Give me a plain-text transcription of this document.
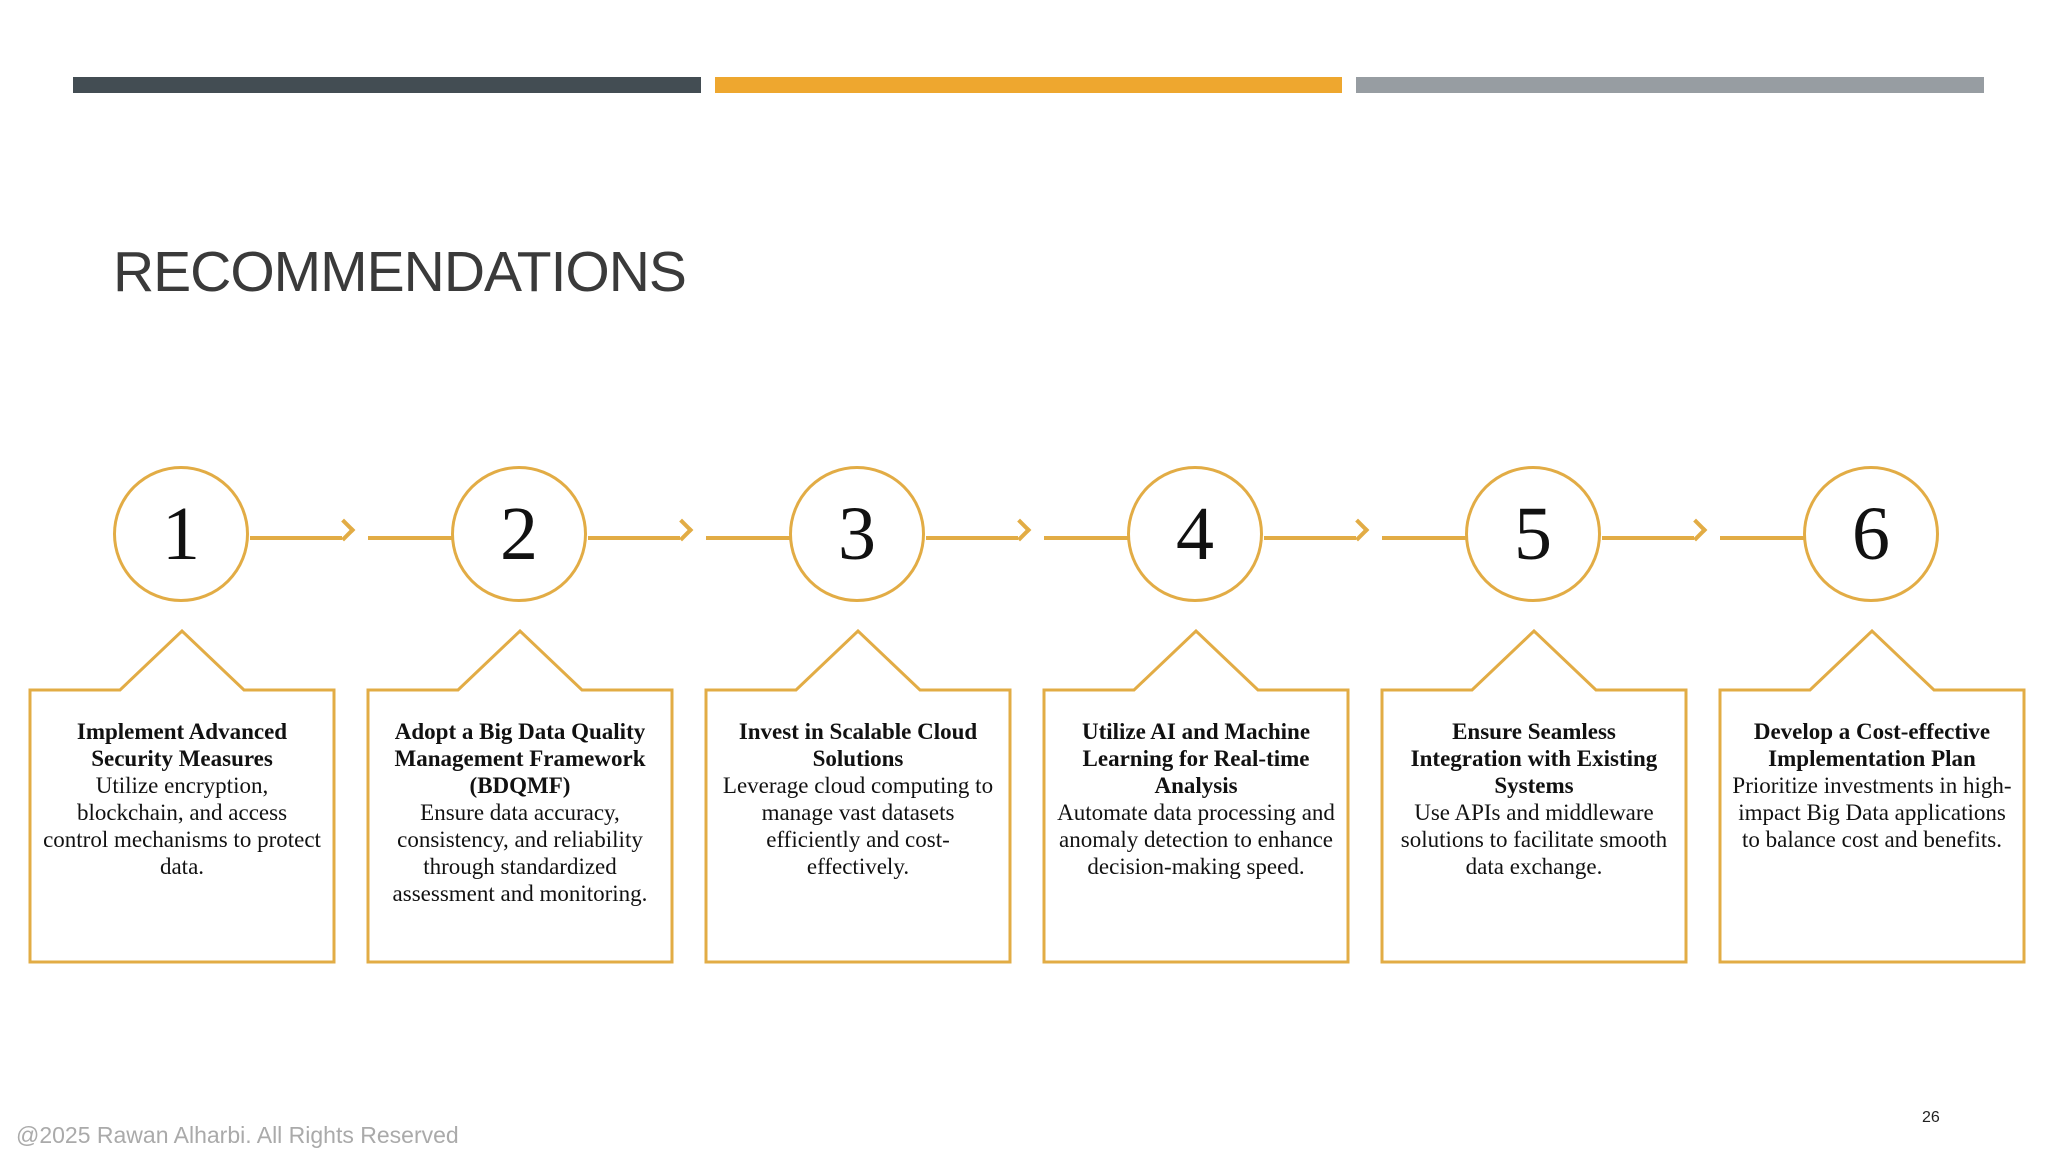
RECOMMENDATIONS
1	2	3	4	5	6

Implement Advanced Security Measures

Utilize encryption, blockchain, and access control mechanisms to protect data.

Adopt a Big Data Quality Management Framework (BDQMF)

Ensure data accuracy, consistency, and reliability through standardized assessment and monitoring.

Invest in Scalable Cloud Solutions

Leverage cloud computing to manage vast datasets efficiently and cost-effectively.

Utilize AI and Machine Learning for Real-time Analysis

Automate data processing and anomaly detection to enhance decision-making speed.

Ensure Seamless Integration with Existing Systems

Use APIs and middleware solutions to facilitate smooth data exchange.

Develop a Cost-effective Implementation Plan

Prioritize investments in high-impact Big Data applications to balance cost and benefits.

@2025 Rawan Alharbi. All Rights Reserved
26
